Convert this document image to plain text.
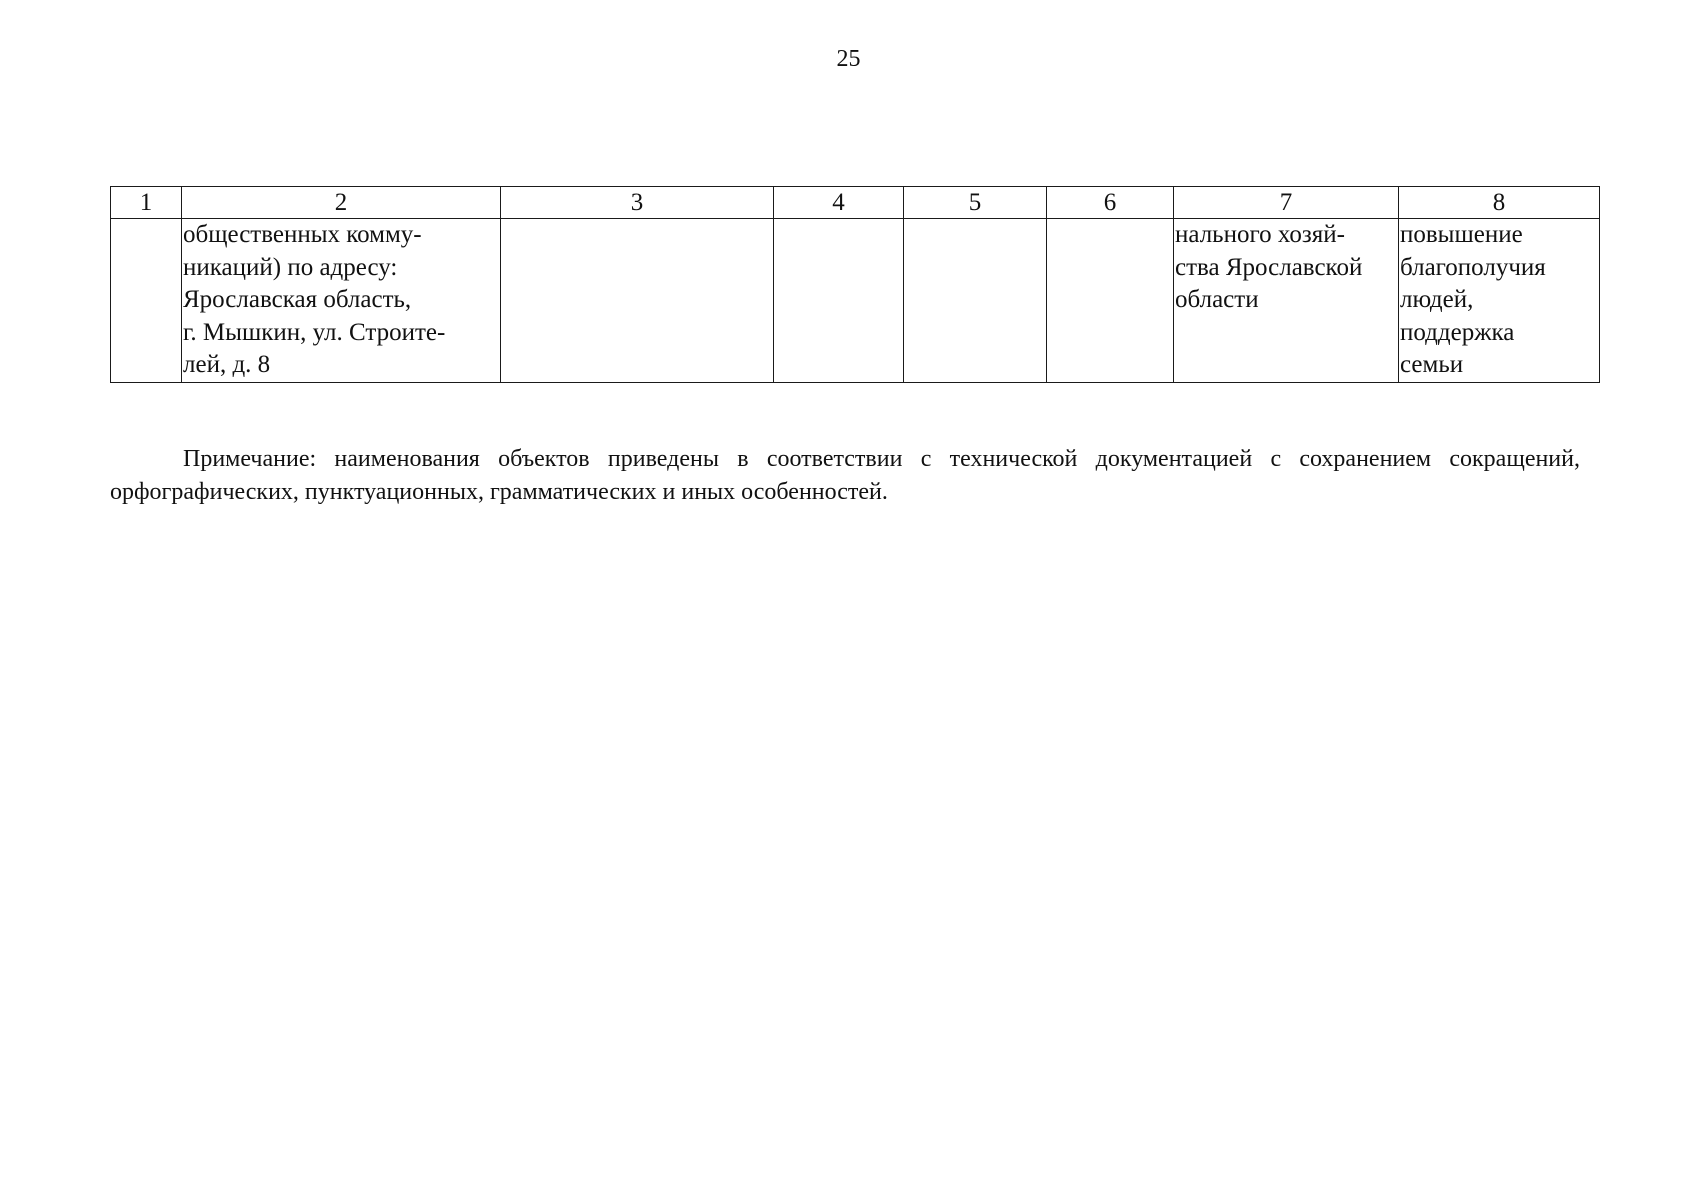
25
1	2	3	4	5	6	7	8
	общественных комму-
никаций) по адресу:
Ярославская область,
г. Мышкин, ул. Строите-
лей, д. 8					нального хозяй-
ства Ярославской
области	повышение
благополучия
людей,
поддержка
семьи

Примечание: наименования объектов приведены в соответствии с технической документацией с сохранением сокращений, орфографических, пунктуационных, грамматических и иных особенностей.
